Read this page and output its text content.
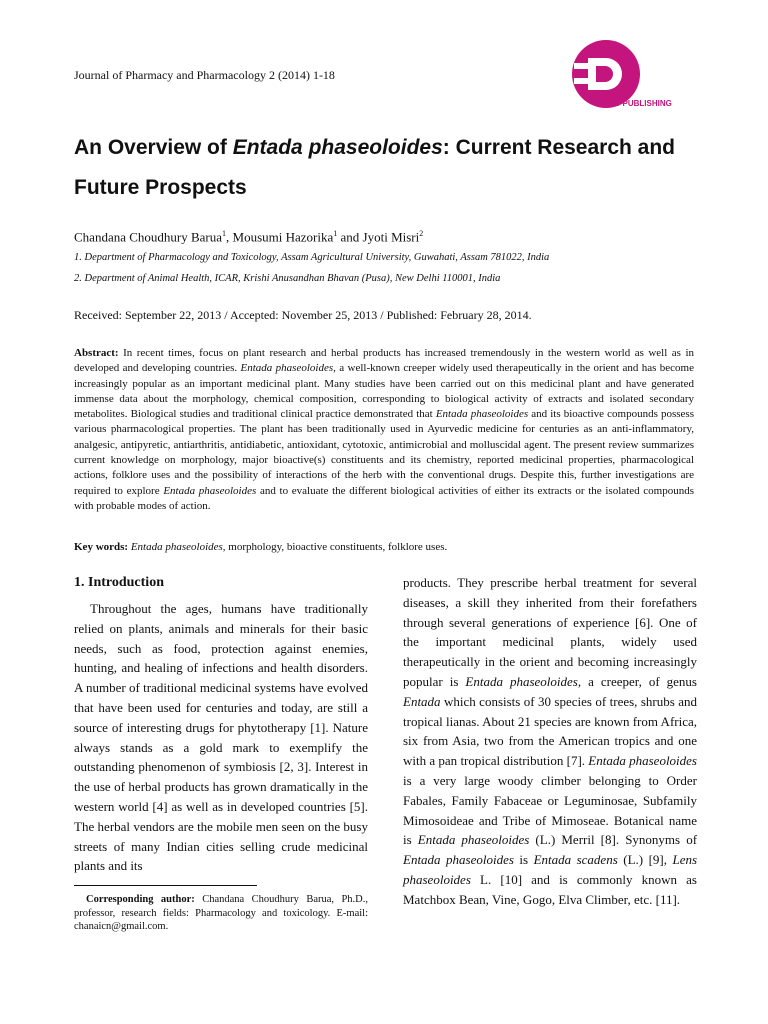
Journal of Pharmacy and Pharmacology 2 (2014) 1-18
DAVID PUBLISHING
An Overview of Entada phaseoloides: Current Research and Future Prospects
Chandana Choudhury Barua$^1$, Mousumi Hazorika$^1$ and Jyoti Misri$^2$
1. Department of Pharmacology and Toxicology, Assam Agricultural University, Guwahati, Assam 781022, India
2. Department of Animal Health, ICAR, Krishi Anusandhan Bhavan (Pusa), New Delhi 110001, India
Received: September 22, 2013 / Accepted: November 25, 2013 / Published: February 28, 2014.

Abstract: In recent times, focus on plant research and herbal products has increased tremendously in the western world as well as in developed and developing countries. Entada phaseoloides, a well-known creeper widely used therapeutically in the orient and has become increasingly popular as an important medicinal plant. Many studies have been carried out on this medicinal plant and have generated immense data about the morphology, chemical composition, corresponding to biological activity of extracts and isolated secondary metabolites. Biological studies and traditional clinical practice demonstrated that Entada phaseoloides and its bioactive compounds possess various pharmacological properties. The plant has been traditionally used in Ayurvedic medicine for centuries as an anti-inflammatory, analgesic, antipyretic, antiarthritis, antidiabetic, antioxidant, cytotoxic, antimicrobial and molluscidal agent. The present review summarizes current knowledge on morphology, major bioactive(s) constituents and its chemistry, reported medicinal properties, pharmacological actions, folklore uses and the possibility of interactions of the herb with the conventional drugs. Despite this, further investigations are required to explore Entada phaseoloides and to evaluate the different biological activities of either its extracts or the isolated compounds with probable modes of action.

Key words: Entada phaseoloides, morphology, bioactive constituents, folklore uses.
1. Introduction

Throughout the ages, humans have traditionally relied on plants, animals and minerals for their basic needs, such as food, protection against enemies, hunting, and healing of infections and health disorders. A number of traditional medicinal systems have evolved that have been used for centuries and today, are still a source of interesting drugs for phytotherapy [1]. Nature always stands as a gold mark to exemplify the outstanding phenomenon of symbiosis [2, 3]. Interest in the use of herbal products has grown dramatically in the western world [4] as well as in developed countries [5]. The herbal vendors are the mobile men seen on the busy streets of many Indian cities selling crude medicinal plants and its

products. They prescribe herbal treatment for several diseases, a skill they inherited from their forefathers through several generations of experience [6]. One of the important medicinal plants, widely used therapeutically in the orient and becoming increasingly popular is Entada phaseoloides, a creeper, of genus Entada which consists of 30 species of trees, shrubs and tropical lianas. About 21 species are known from Africa, six from Asia, two from the American tropics and one with a pan tropical distribution [7]. Entada phaseoloides is a very large woody climber belonging to Order Fabales, Family Fabaceae or Leguminosae, Subfamily Mimosoideae and Tribe of Mimoseae. Botanical name is Entada phaseoloides (L.) Merril [8]. Synonyms of Entada phaseoloides is Entada scadens (L.) [9], Lens phaseoloides L. [10] and is commonly known as Matchbox Bean, Vine, Gogo, Elva Climber, etc. [11].

Corresponding author: Chandana Choudhury Barua, Ph.D., professor, research fields: Pharmacology and toxicology. E-mail: chanaicn@gmail.com.
